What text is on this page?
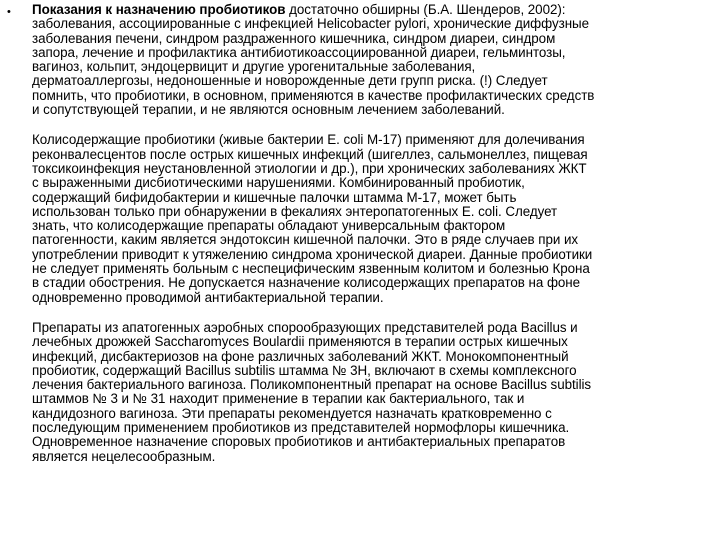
• Показания к назначению пробиотиков достаточно обширны (Б.А. Шендеров, 2002):
заболевания, ассоциированные с инфекцией Helicobacter pylori, хронические диффузные
заболевания печени, синдром раздраженного кишечника, синдром диареи, синдром
запора, лечение и профилактика антибиотикоассоциированной диареи, гельминтозы,
вагиноз, кольпит, эндоцервицит и другие урогенитальные заболевания,
дерматоаллергозы, недоношенные и новорожденные дети групп риска. (!) Следует
помнить, что пробиотики, в основном, применяются в качестве профилактических средств
и сопутствующей терапии, и не являются основным лечением заболеваний.

Колисодержащие пробиотики (живые бактерии E. coli M-17) применяют для долечивания
реконвалесцентов после острых кишечных инфекций (шигеллез, сальмонеллез, пищевая
токсикоинфекция неустановленной этиологии и др.), при хронических заболеваниях ЖКТ
с выраженными дисбиотическими нарушениями. Комбинированный пробиотик,
содержащий бифидобактерии и кишечные палочки штамма М-17, может быть
использован только при обнаружении в фекалиях энтеропатогенных E. coli. Следует
знать, что колисодержащие препараты обладают универсальным фактором
патогенности, каким является эндотоксин кишечной палочки. Это в ряде случаев при их
употреблении приводит к утяжелению синдрома хронической диареи. Данные пробиотики
не следует применять больным с неспецифическим язвенным колитом и болезнью Крона
в стадии обострения. Не допускается назначение колисодержащих препаратов на фоне
одновременно проводимой антибактериальной терапии.

Препараты из апатогенных аэробных спорообразующих представителей рода Bacillus и
лечебных дрожжей Saccharomyces Boulardii применяются в терапии острых кишечных
инфекций, дисбактериозов на фоне различных заболеваний ЖКТ. Монокомпонентный
пробиотик, содержащий Bacillus subtilis штамма № 3Н, включают в схемы комплексного
лечения бактериального вагиноза. Поликомпонентный препарат на основе Bacillus subtilis
штаммов № 3 и № 31 находит применение в терапии как бактериального, так и
кандидозного вагиноза. Эти препараты рекомендуется назначать кратковременно с
последующим применением пробиотиков из представителей нормофлоры кишечника.
Одновременное назначение споровых пробиотиков и антибактериальных препаратов
является нецелесообразным.
